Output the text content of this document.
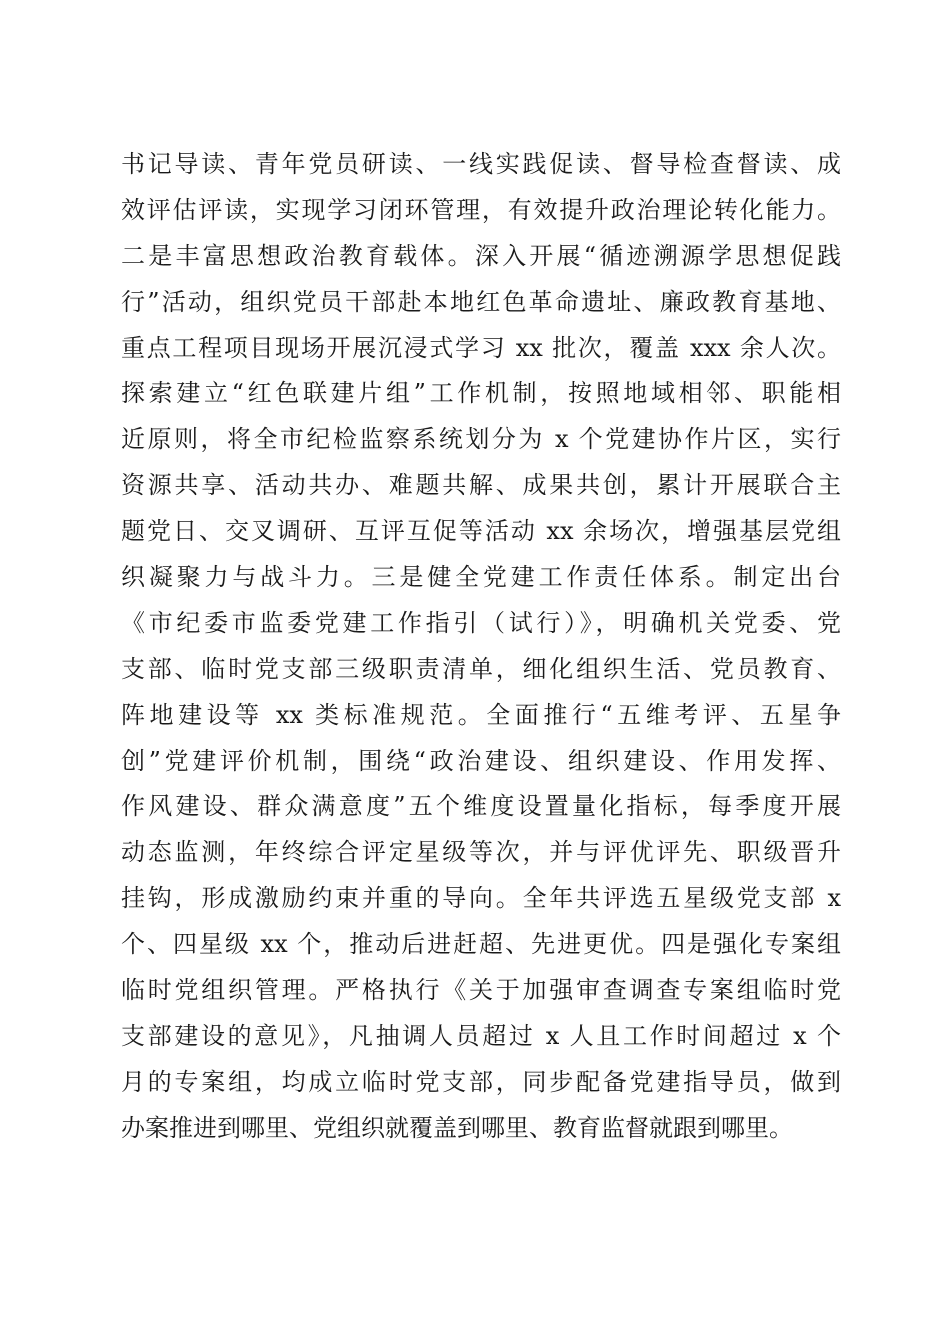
书记导读、青年党员研读、一线实践促读、督导检查督读、成
效评估评读，实现学习闭环管理，有效提升政治理论转化能力。
二是丰富思想政治教育载体。深入开展“循迹溯源学思想促践
行”活动，组织党员干部赴本地红色革命遗址、廉政教育基地、
重点工程项目现场开展沉浸式学习 xx 批次，覆盖 xxx 余人次。
探索建立“红色联建片组”工作机制，按照地域相邻、职能相
近原则，将全市纪检监察系统划分为 x 个党建协作片区，实行
资源共享、活动共办、难题共解、成果共创，累计开展联合主
题党日、交叉调研、互评互促等活动 xx 余场次，增强基层党组
织凝聚力与战斗力。三是健全党建工作责任体系。制定出台
《市纪委市监委党建工作指引（试行）》，明确机关党委、党
支部、临时党支部三级职责清单，细化组织生活、党员教育、
阵地建设等 xx 类标准规范。全面推行“五维考评、五星争
创”党建评价机制，围绕“政治建设、组织建设、作用发挥、
作风建设、群众满意度”五个维度设置量化指标，每季度开展
动态监测，年终综合评定星级等次，并与评优评先、职级晋升
挂钩，形成激励约束并重的导向。全年共评选五星级党支部 x
个、四星级 xx 个，推动后进赶超、先进更优。四是强化专案组
临时党组织管理。严格执行《关于加强审查调查专案组临时党
支部建设的意见》，凡抽调人员超过 x 人且工作时间超过 x 个
月的专案组，均成立临时党支部，同步配备党建指导员，做到
办案推进到哪里、党组织就覆盖到哪里、教育监督就跟到哪里。
